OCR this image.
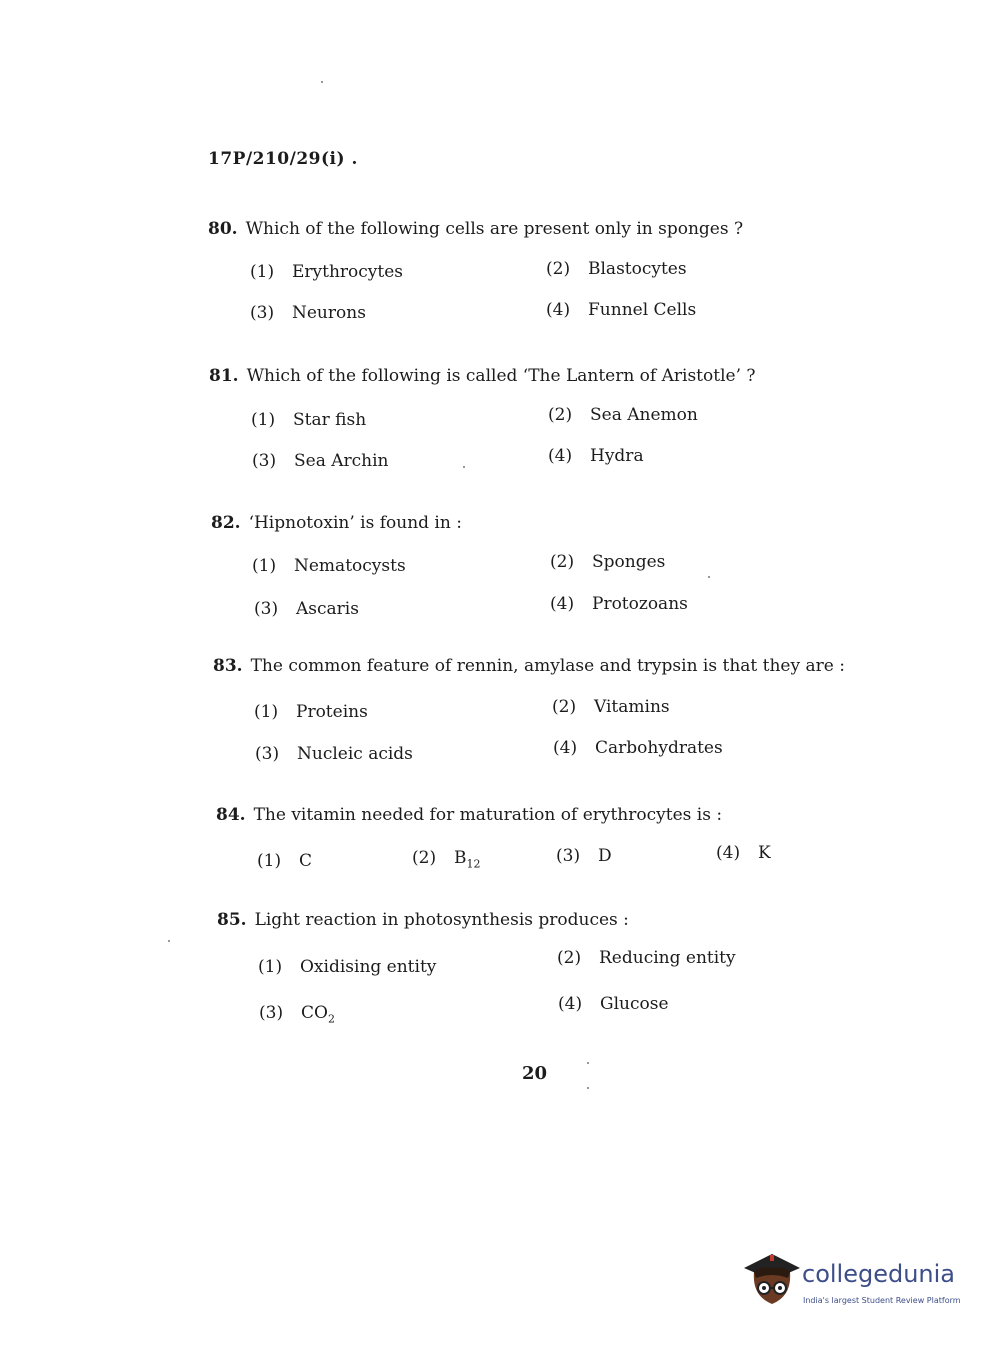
17P/210/29(i) .
80. Which of the following cells are present only in sponges ?
(1) Erythrocytes	(2) Blastocytes
(3) Neurons	(4) Funnel Cells
81. Which of the following is called ‘The Lantern of Aristotle’ ?
(1) Star fish	(2) Sea Anemon
(3) Sea Archin	(4) Hydra
82. ‘Hipnotoxin’ is found in :
(1) Nematocysts	(2) Sponges
(3) Ascaris	(4) Protozoans
83. The common feature of rennin, amylase and trypsin is that they are :
(1) Proteins	(2) Vitamins
(3) Nucleic acids	(4) Carbohydrates
84. The vitamin needed for maturation of erythrocytes is :
(1) C	(2) $B_{12}$	(3) D	(4) K
85. Light reaction in photosynthesis produces :
(1) Oxidising entity	(2) Reducing entity
(3) $CO_2$
(4) Glucose
20
collegedunia
India's largest Student Review Platform
